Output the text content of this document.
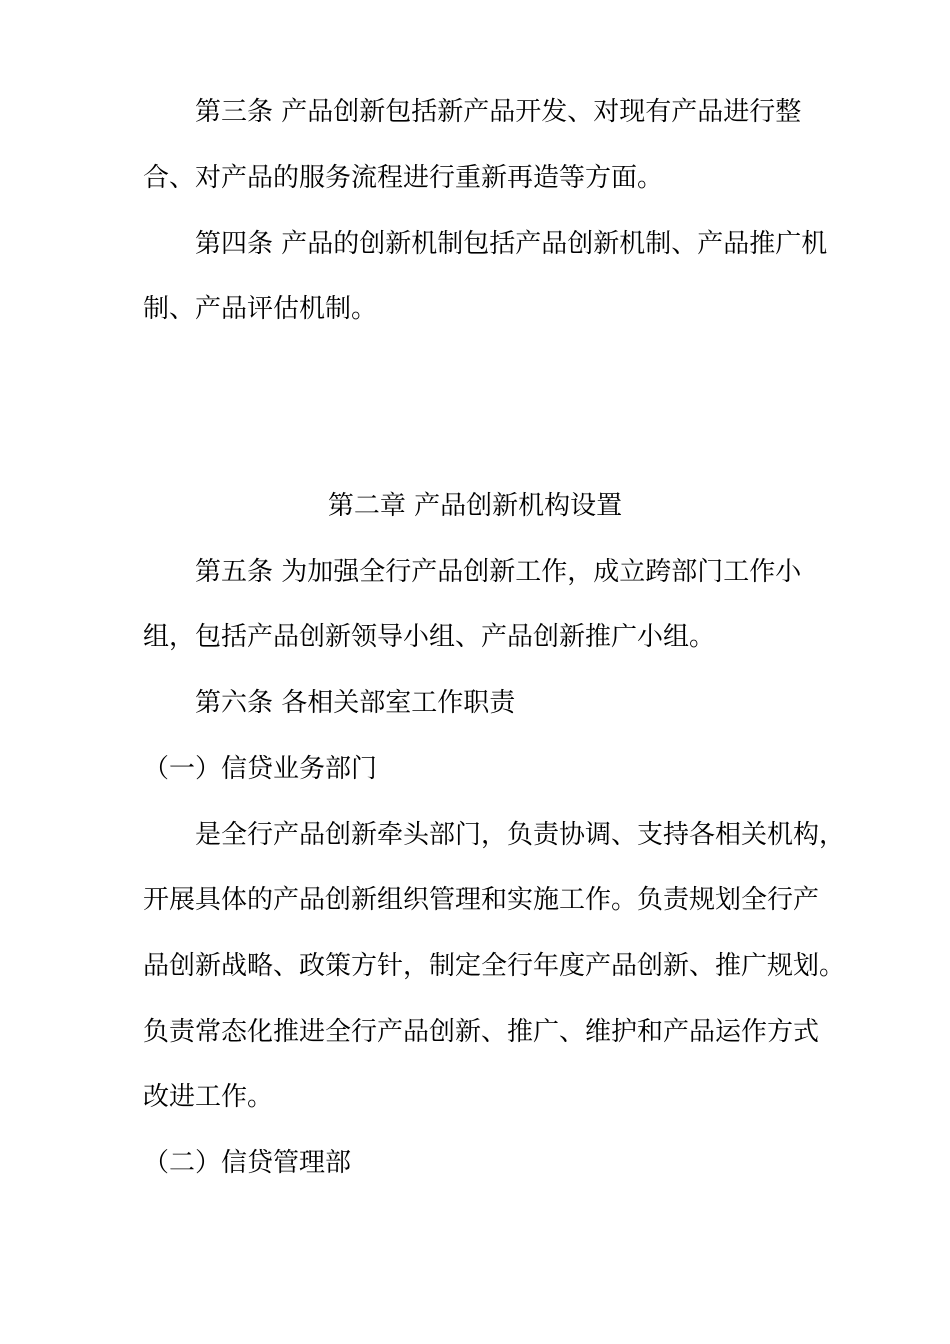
第三条 产品创新包括新产品开发、对现有产品进行整
合、对产品的服务流程进行重新再造等方面。
第四条 产品的创新机制包括产品创新机制、产品推广机
制、产品评估机制。
第二章 产品创新机构设置
第五条 为加强全行产品创新工作，成立跨部门工作小
组，包括产品创新领导小组、产品创新推广小组。
第六条 各相关部室工作职责
（一）信贷业务部门
是全行产品创新牵头部门，负责协调、支持各相关机构，
开展具体的产品创新组织管理和实施工作。负责规划全行产
品创新战略、政策方针，制定全行年度产品创新、推广规划。
负责常态化推进全行产品创新、推广、维护和产品运作方式
改进工作。
（二）信贷管理部
